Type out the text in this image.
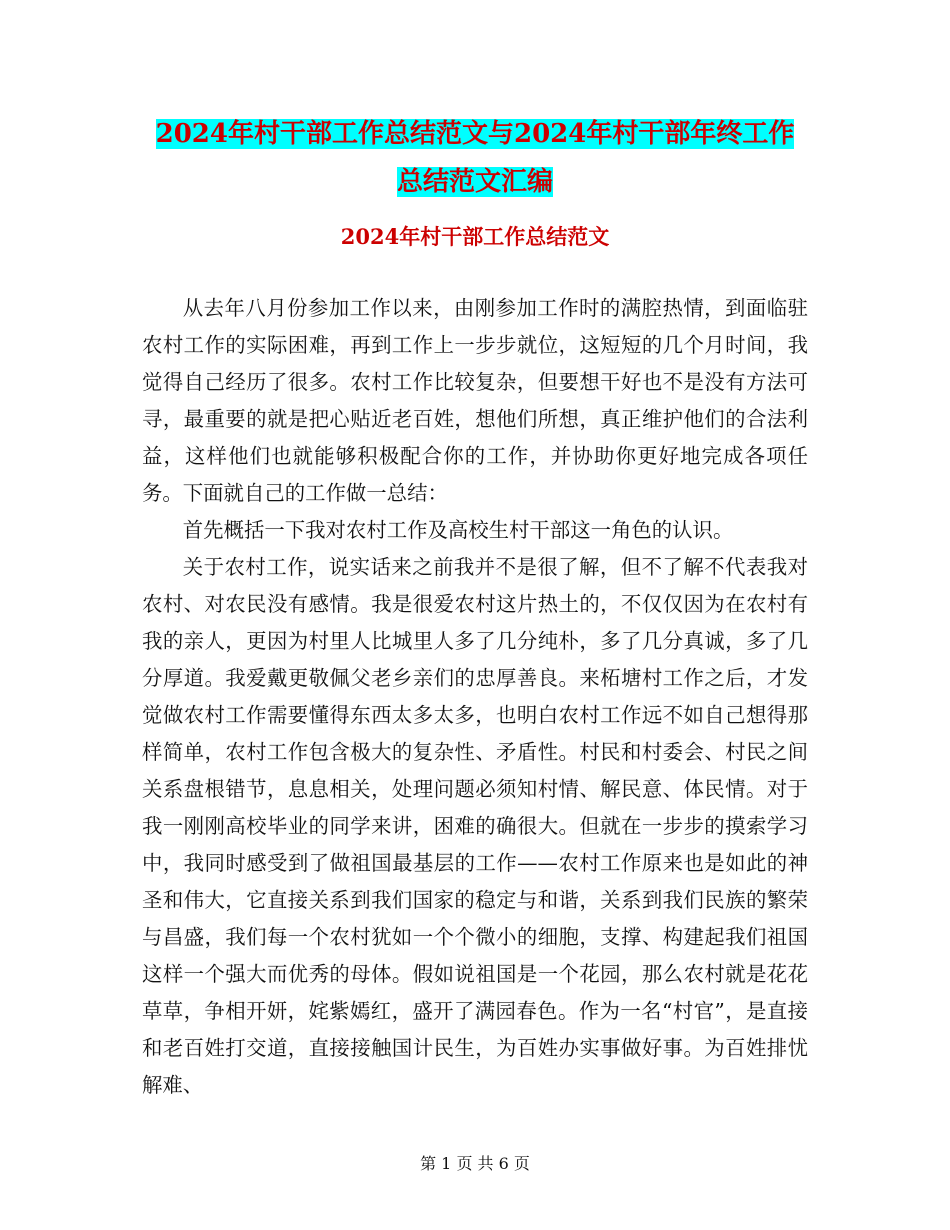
2024年村干部工作总结范文与2024年村干部年终工作
总结范文汇编
2024年村干部工作总结范文

从去年八月份参加工作以来，由刚参加工作时的满腔热情，到面临驻农村工作的实际困难，再到工作上一步步就位，这短短的几个月时间，我觉得自己经历了很多。农村工作比较复杂，但要想干好也不是没有方法可寻，最重要的就是把心贴近老百姓，想他们所想，真正维护他们的合法利益，这样他们也就能够积极配合你的工作，并协助你更好地完成各项任务。下面就自己的工作做一总结：

首先概括一下我对农村工作及高校生村干部这一角色的认识。

关于农村工作，说实话来之前我并不是很了解，但不了解不代表我对农村、对农民没有感情。我是很爱农村这片热土的，不仅仅因为在农村有我的亲人，更因为村里人比城里人多了几分纯朴，多了几分真诚，多了几分厚道。我爱戴更敬佩父老乡亲们的忠厚善良。来柘塘村工作之后，才发觉做农村工作需要懂得东西太多太多，也明白农村工作远不如自己想得那样简单，农村工作包含极大的复杂性、矛盾性。村民和村委会、村民之间关系盘根错节，息息相关，处理问题必须知村情、解民意、体民情。对于我一刚刚高校毕业的同学来讲，困难的确很大。但就在一步步的摸索学习中，我同时感受到了做祖国最基层的工作——农村工作原来也是如此的神圣和伟大，它直接关系到我们国家的稳定与和谐，关系到我们民族的繁荣与昌盛，我们每一个农村犹如一个个微小的细胞，支撑、构建起我们祖国这样一个强大而优秀的母体。假如说祖国是一个花园，那么农村就是花花草草，争相开妍，姹紫嫣红，盛开了满园春色。作为一名“村官”，是直接和老百姓打交道，直接接触国计民生，为百姓办实事做好事。为百姓排忧解难、

第 1 页 共 6 页
